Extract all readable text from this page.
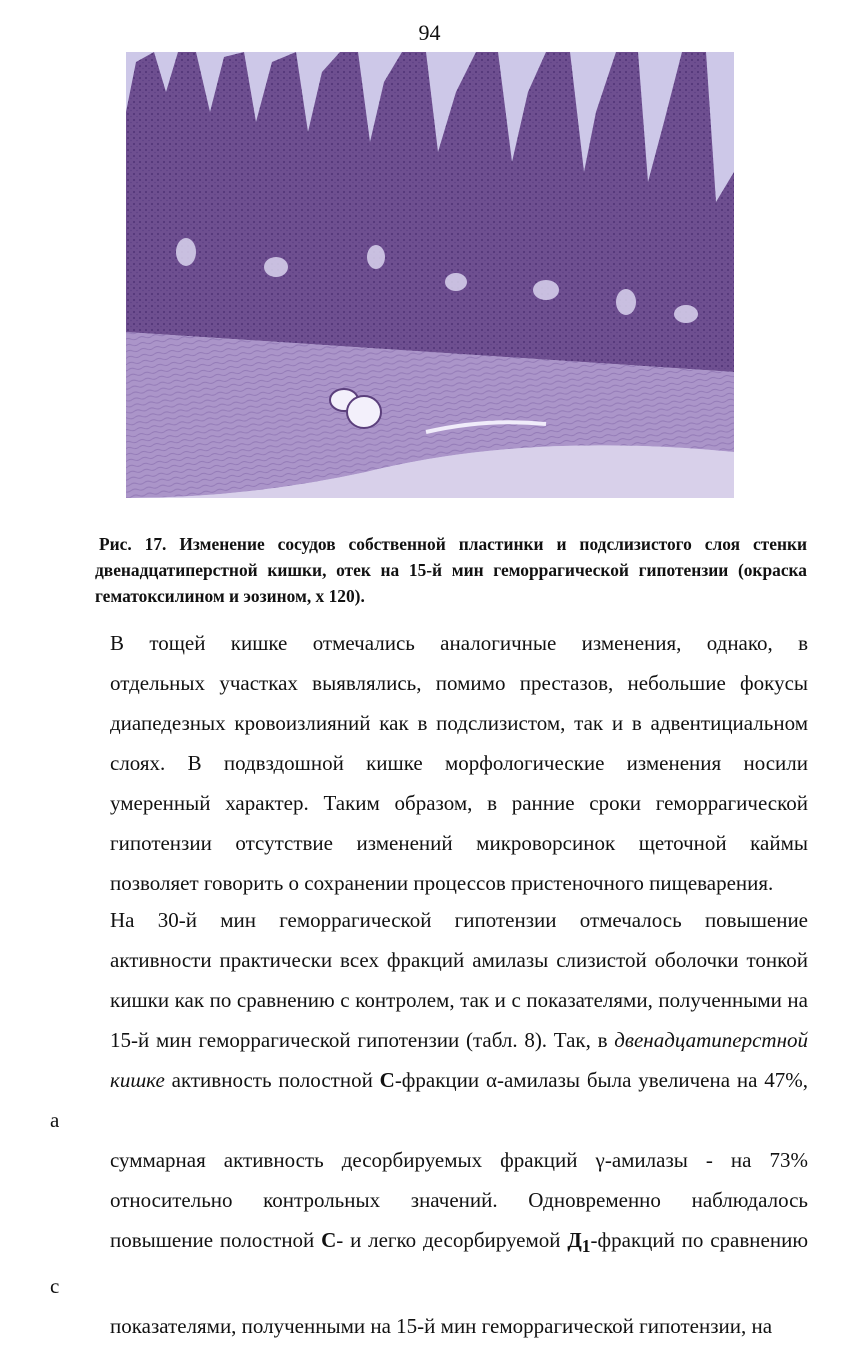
94
Рис. 17. Изменение сосудов собственной пластинки и подслизистого слоя стенки двенадцатиперстной кишки, отек на 15-й мин геморрагической гипотензии (окраска гематоксилином и эозином, х 120).
В тощей кишке отмечались аналогичные изменения, однако, в
отдельных участках выявлялись, помимо престазов, небольшие фокусы
диапедезных кровоизлияний как в подслизистом, так и в адвентициальном
слоях. В подвздошной кишке морфологические изменения носили
умеренный характер. Таким образом, в ранние сроки геморрагической
гипотензии отсутствие изменений микроворсинок щеточной каймы
позволяет говорить о сохранении процессов пристеночного пищеварения.
На 30-й мин геморрагической гипотензии отмечалось повышение
активности практически всех фракций амилазы слизистой оболочки тонкой
кишки как по сравнению с контролем, так и с показателями, полученными на
15-й мин геморрагической гипотензии (табл. 8). Так, в двенадцатиперстной
кишке активность полостной С-фракции α-амилазы была увеличена на 47%, а
суммарная активность десорбируемых фракций γ-амилазы - на 73%
относительно контрольных значений. Одновременно наблюдалось
повышение полостной С- и легко десорбируемой $Д_1$-фракций по сравнению с
показателями, полученными на 15-й мин геморрагической гипотензии, на
